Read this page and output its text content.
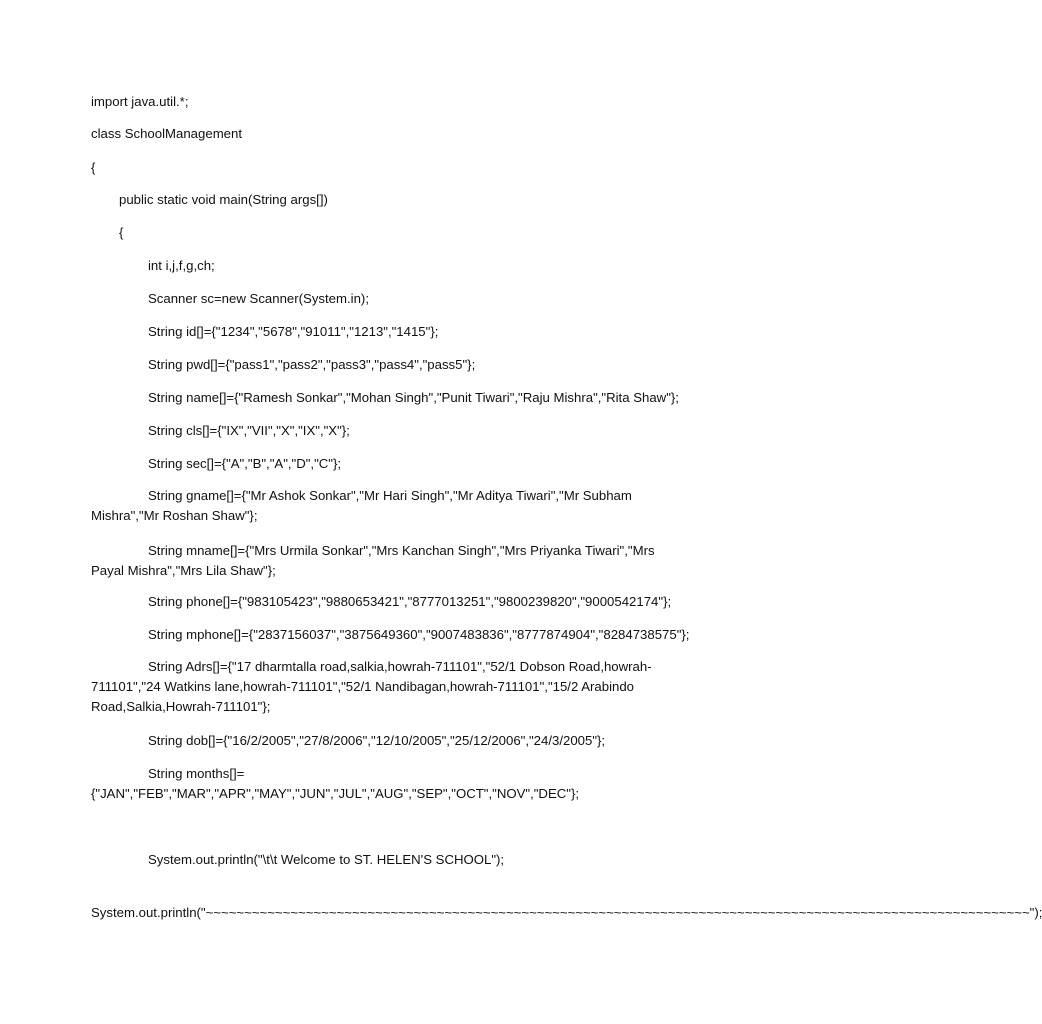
import java.util.*;
class SchoolManagement
{
public static void main(String args[])
{
int i,j,f,g,ch;
Scanner sc=new Scanner(System.in);
String id[]={"1234","5678","91011","1213","1415"};
String pwd[]={"pass1","pass2","pass3","pass4","pass5"};
String name[]={"Ramesh Sonkar","Mohan Singh","Punit Tiwari","Raju Mishra","Rita Shaw"};
String cls[]={"IX","VII","X","IX","X"};
String sec[]={"A","B","A","D","C"};
String gname[]={"Mr Ashok Sonkar","Mr Hari Singh","Mr Aditya Tiwari","Mr Subham Mishra","Mr Roshan Shaw"};
String mname[]={"Mrs Urmila Sonkar","Mrs Kanchan Singh","Mrs Priyanka Tiwari","Mrs Payal Mishra","Mrs Lila Shaw"};
String phone[]={"983105423","9880653421","8777013251","9800239820","9000542174"};
String mphone[]={"2837156037","3875649360","9007483836","8777874904","8284738575"};
String Adrs[]={"17 dharmtalla road,salkia,howrah-711101","52/1 Dobson Road,howrah-711101","24 Watkins lane,howrah-711101","52/1 Nandibagan,howrah-711101","15/2 Arabindo Road,Salkia,Howrah-711101"};
String dob[]={"16/2/2005","27/8/2006","12/10/2005","25/12/2006","24/3/2005"};
String months[]={"JAN","FEB","MAR","APR","MAY","JUN","JUL","AUG","SEP","OCT","NOV","DEC"};
System.out.println("\t\t Welcome to ST. HELEN'S SCHOOL");
System.out.println("~~~~~~~~~~~~~~~~~~~~~~~~~~~~~~~~~~~~~~~~~~~~~~~~~~~~~~~~~~~~~~~~~~~~~~~~~~~~~~~~~~~~~~~~~~~~~~~~~~~~~~~~~~~");
